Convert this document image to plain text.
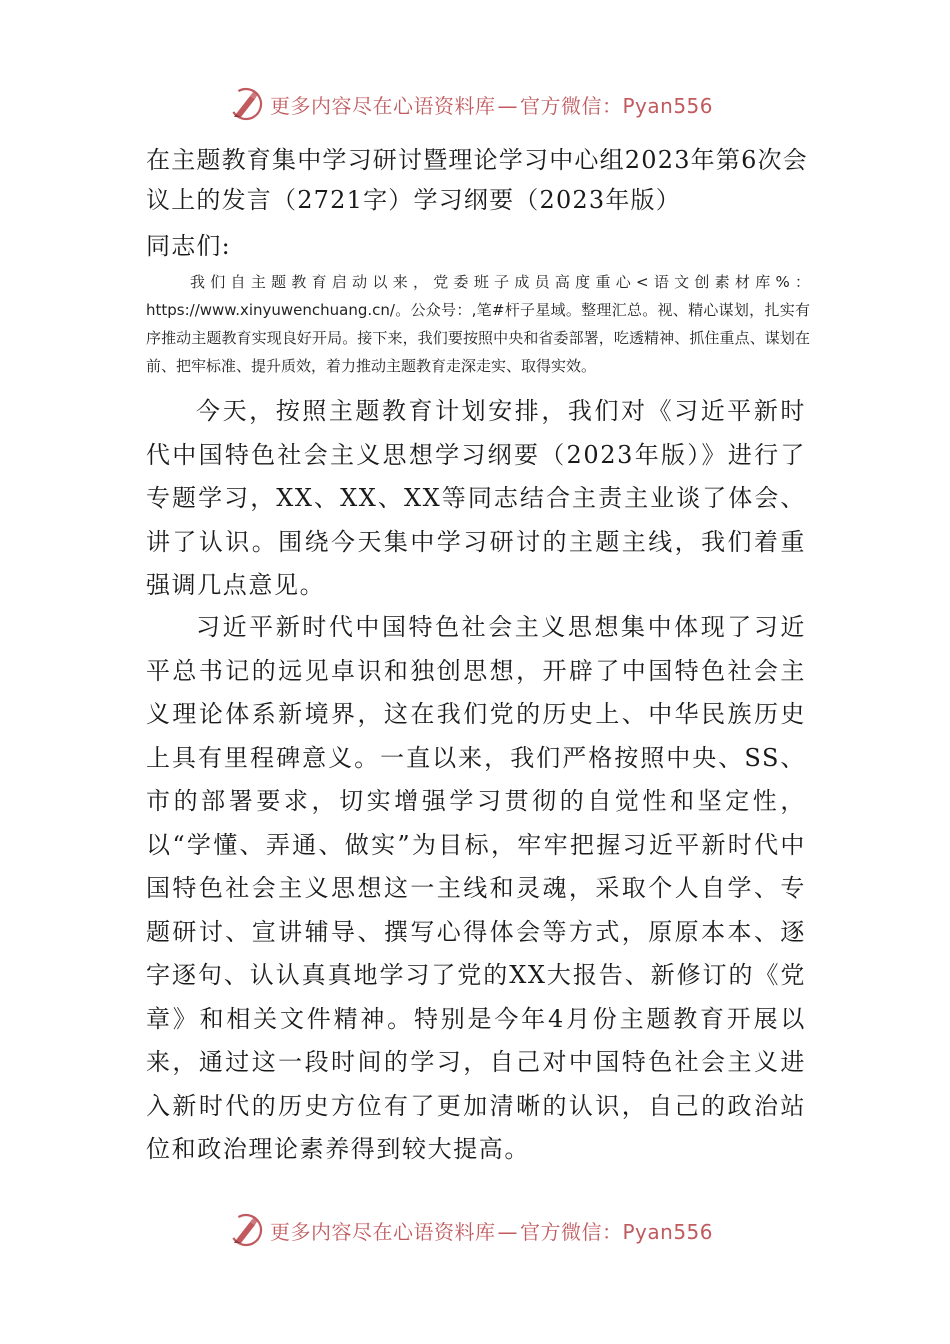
更多内容尽在心语资料库 — 官方微信：Pyan556
在主题教育集中学习研讨暨理论学习中心组2023年第6次会议上的发言（2721字）学习纲要（2023年版）
同志们:
我们自主题教育启动以来，党委班子成员高度重心<语文创素材库%：https://www.xinyuwenchuang.cn/。公众号：,笔#杆子星域。整理汇总。视、精心谋划，扎实有序推动主题教育实现良好开局。接下来，我们要按照中央和省委部署，吃透精神、抓住重点、谋划在前、把牢标准、提升质效，着力推动主题教育走深走实、取得实效。
今天，按照主题教育计划安排，我们对《习近平新时代中国特色社会主义思想学习纲要（2023年版）》进行了专题学习，XX、XX、XX等同志结合主责主业谈了体会、讲了认识。围绕今天集中学习研讨的主题主线，我们着重强调几点意见。
习近平新时代中国特色社会主义思想集中体现了习近平总书记的远见卓识和独创思想，开辟了中国特色社会主义理论体系新境界，这在我们党的历史上、中华民族历史上具有里程碑意义。一直以来，我们严格按照中央、SS、市的部署要求，切实增强学习贯彻的自觉性和坚定性，以“学懂、弄通、做实”为目标，牢牢把握习近平新时代中国特色社会主义思想这一主线和灵魂，采取个人自学、专题研讨、宣讲辅导、撰写心得体会等方式，原原本本、逐字逐句、认认真真地学习了党的XX大报告、新修订的《党章》和相关文件精神。特别是今年4月份主题教育开展以来，通过这一段时间的学习，自己对中国特色社会主义进入新时代的历史方位有了更加清晰的认识，自己的政治站位和政治理论素养得到较大提高。
更多内容尽在心语资料库 — 官方微信：Pyan556
